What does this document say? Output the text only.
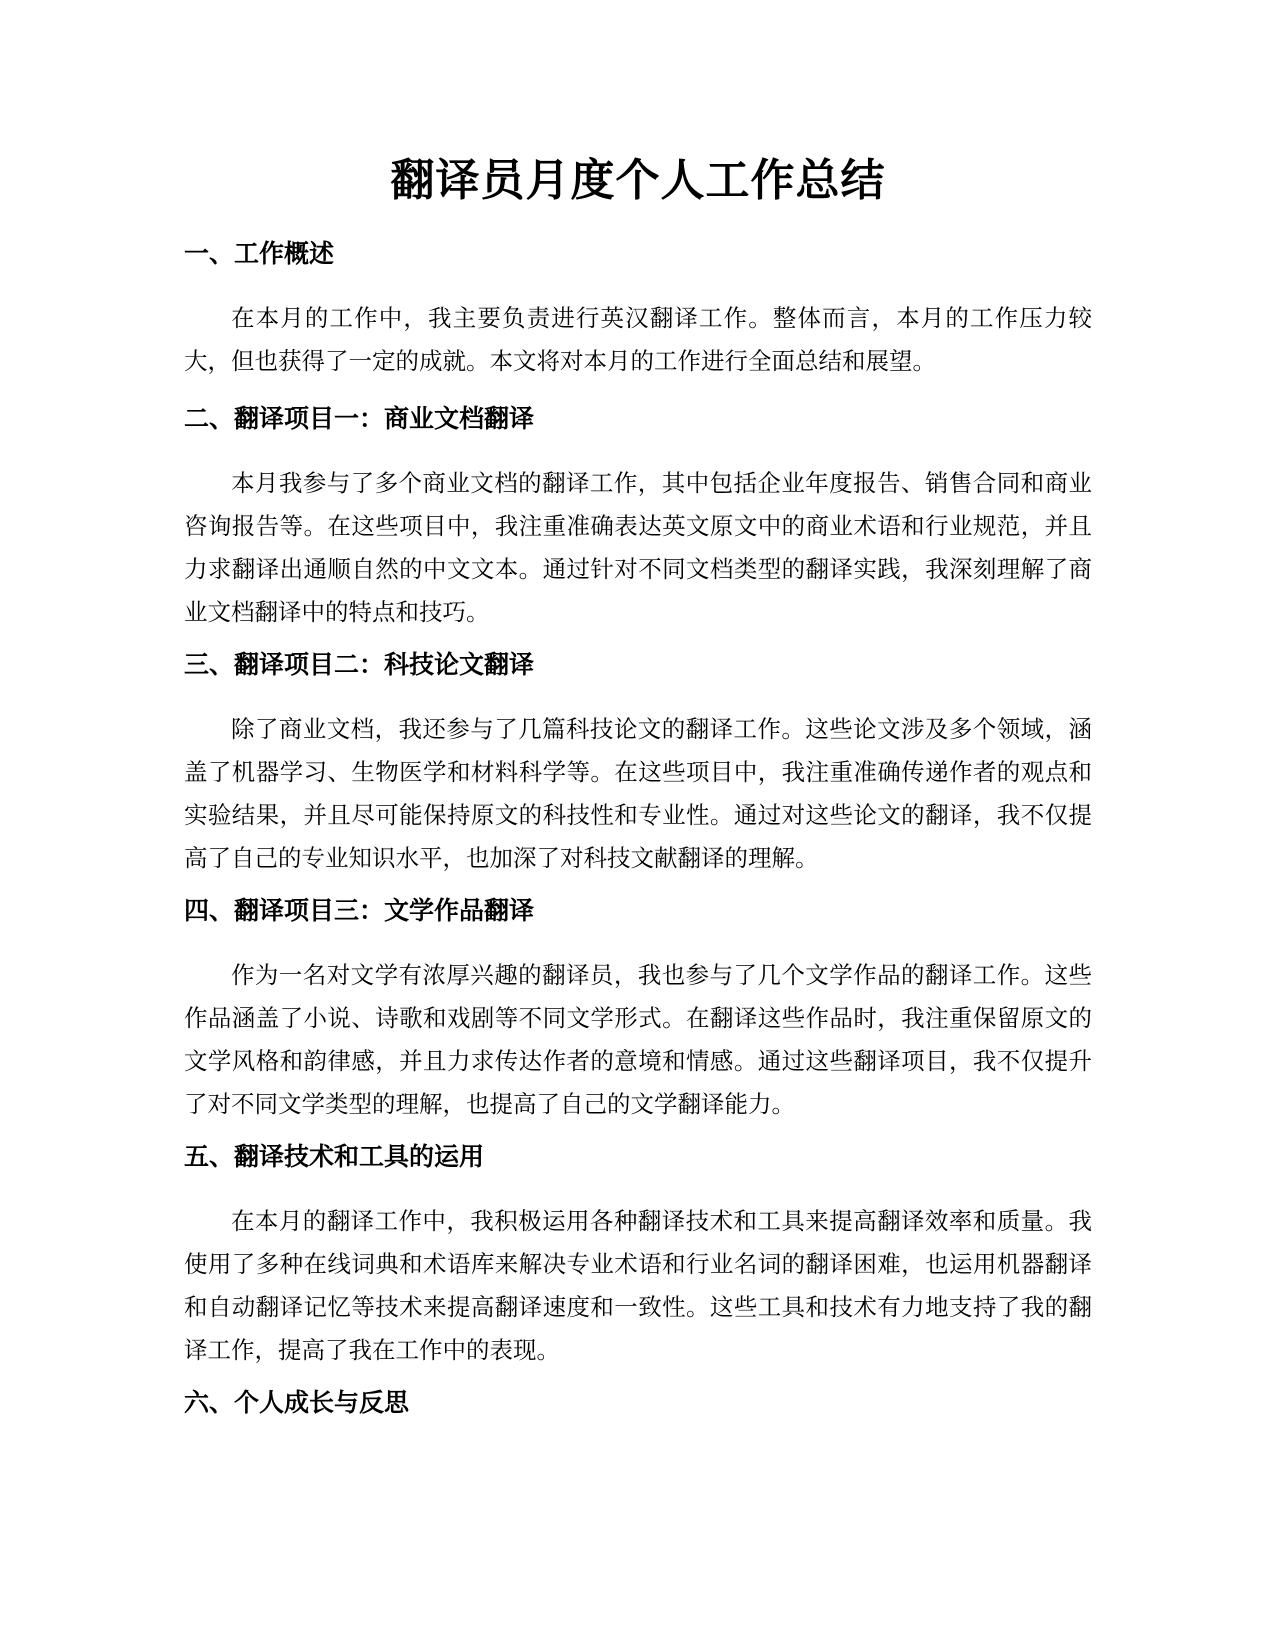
翻译员月度个人工作总结
一、工作概述

在本月的工作中，我主要负责进行英汉翻译工作。整体而言，本月的工作压力较大，但也获得了一定的成就。本文将对本月的工作进行全面总结和展望。

二、翻译项目一：商业文档翻译

本月我参与了多个商业文档的翻译工作，其中包括企业年度报告、销售合同和商业咨询报告等。在这些项目中，我注重准确表达英文原文中的商业术语和行业规范，并且力求翻译出通顺自然的中文文本。通过针对不同文档类型的翻译实践，我深刻理解了商业文档翻译中的特点和技巧。

三、翻译项目二：科技论文翻译

除了商业文档，我还参与了几篇科技论文的翻译工作。这些论文涉及多个领域，涵盖了机器学习、生物医学和材料科学等。在这些项目中，我注重准确传递作者的观点和实验结果，并且尽可能保持原文的科技性和专业性。通过对这些论文的翻译，我不仅提高了自己的专业知识水平，也加深了对科技文献翻译的理解。

四、翻译项目三：文学作品翻译

作为一名对文学有浓厚兴趣的翻译员，我也参与了几个文学作品的翻译工作。这些作品涵盖了小说、诗歌和戏剧等不同文学形式。在翻译这些作品时，我注重保留原文的文学风格和韵律感，并且力求传达作者的意境和情感。通过这些翻译项目，我不仅提升了对不同文学类型的理解，也提高了自己的文学翻译能力。

五、翻译技术和工具的运用

在本月的翻译工作中，我积极运用各种翻译技术和工具来提高翻译效率和质量。我使用了多种在线词典和术语库来解决专业术语和行业名词的翻译困难，也运用机器翻译和自动翻译记忆等技术来提高翻译速度和一致性。这些工具和技术有力地支持了我的翻译工作，提高了我在工作中的表现。

六、个人成长与反思
